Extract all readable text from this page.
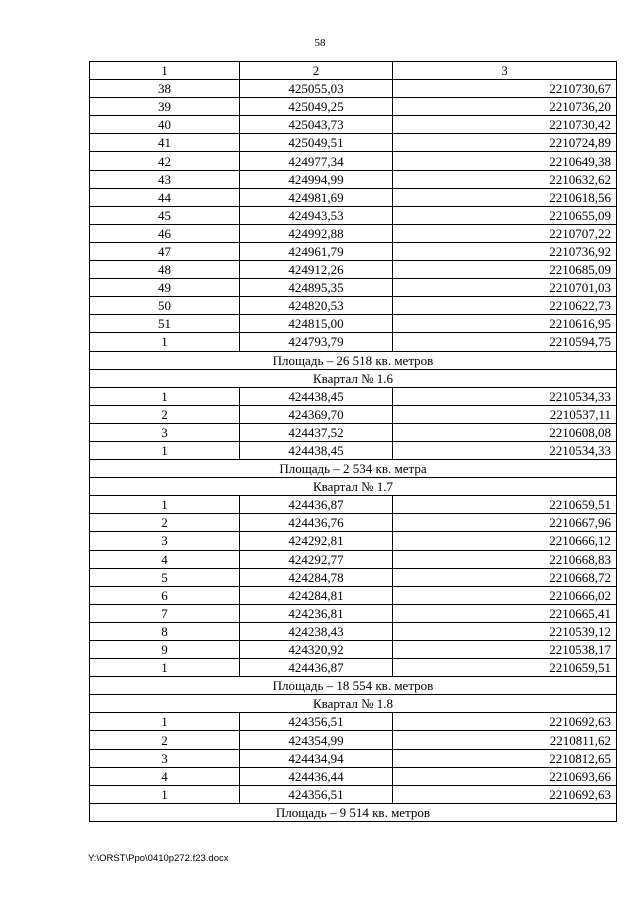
58
1	2	3
38	425055,03	2210730,67
39	425049,25	2210736,20
40	425043,73	2210730,42
41	425049,51	2210724,89
42	424977,34	2210649,38
43	424994,99	2210632,62
44	424981,69	2210618,56
45	424943,53	2210655,09
46	424992,88	2210707,22
47	424961,79	2210736,92
48	424912,26	2210685,09
49	424895,35	2210701,03
50	424820,53	2210622,73
51	424815,00	2210616,95
1	424793,79	2210594,75
Площадь – 26 518 кв. метров		
Квартал № 1.6		
1	424438,45	2210534,33
2	424369,70	2210537,11
3	424437,52	2210608,08
1	424438,45	2210534,33
Площадь – 2 534 кв. метра		
Квартал № 1.7		
1	424436,87	2210659,51
2	424436,76	2210667,96
3	424292,81	2210666,12
4	424292,77	2210668,83
5	424284,78	2210668,72
6	424284,81	2210666,02
7	424236,81	2210665,41
8	424238,43	2210539,12
9	424320,92	2210538,17
1	424436,87	2210659,51
Площадь – 18 554 кв. метров		
Квартал № 1.8		
1	424356,51	2210692,63
2	424354,99	2210811,62
3	424434,94	2210812,65
4	424436,44	2210693,66
1	424356,51	2210692,63
Площадь – 9 514 кв. метров		
Y:\ORST\Ppo\0410p272.f23.docx
